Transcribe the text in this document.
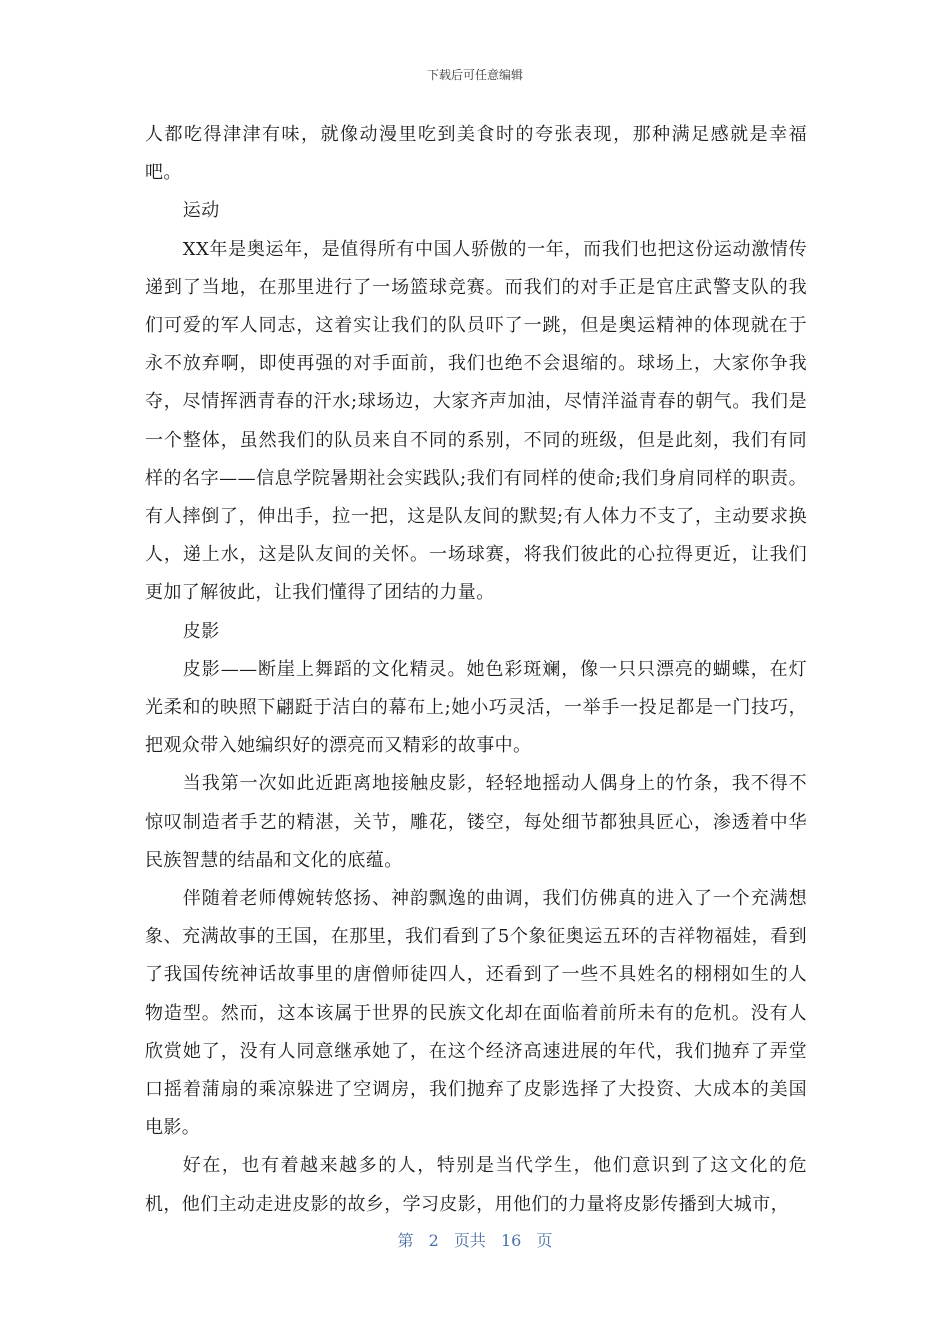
下载后可任意编辑

人都吃得津津有味，就像动漫里吃到美食时的夸张表现，那种满足感就是幸福吧。

运动

XX年是奥运年，是值得所有中国人骄傲的一年，而我们也把这份运动激情传递到了当地，在那里进行了一场篮球竞赛。而我们的对手正是官庄武警支队的我们可爱的军人同志，这着实让我们的队员吓了一跳，但是奥运精神的体现就在于永不放弃啊，即使再强的对手面前，我们也绝不会退缩的。球场上，大家你争我夺，尽情挥洒青春的汗水;球场边，大家齐声加油，尽情洋溢青春的朝气。我们是一个整体，虽然我们的队员来自不同的系别，不同的班级，但是此刻，我们有同样的名字——信息学院暑期社会实践队;我们有同样的使命;我们身肩同样的职责。有人摔倒了，伸出手，拉一把，这是队友间的默契;有人体力不支了，主动要求换人，递上水，这是队友间的关怀。一场球赛，将我们彼此的心拉得更近，让我们更加了解彼此，让我们懂得了团结的力量。

皮影

皮影——断崖上舞蹈的文化精灵。她色彩斑斓，像一只只漂亮的蝴蝶，在灯光柔和的映照下翩跹于洁白的幕布上;她小巧灵活，一举手一投足都是一门技巧，把观众带入她编织好的漂亮而又精彩的故事中。

当我第一次如此近距离地接触皮影，轻轻地摇动人偶身上的竹条，我不得不惊叹制造者手艺的精湛，关节，雕花，镂空，每处细节都独具匠心，渗透着中华民族智慧的结晶和文化的底蕴。

伴随着老师傅婉转悠扬、神韵飘逸的曲调，我们仿佛真的进入了一个充满想象、充满故事的王国，在那里，我们看到了5个象征奥运五环的吉祥物福娃，看到了我国传统神话故事里的唐僧师徒四人，还看到了一些不具姓名的栩栩如生的人物造型。然而，这本该属于世界的民族文化却在面临着前所未有的危机。没有人欣赏她了，没有人同意继承她了，在这个经济高速进展的年代，我们抛弃了弄堂口摇着蒲扇的乘凉躲进了空调房，我们抛弃了皮影选择了大投资、大成本的美国电影。

好在，也有着越来越多的人，特别是当代学生，他们意识到了这文化的危机，他们主动走进皮影的故乡，学习皮影，用他们的力量将皮影传播到大城市，

第 2 页共 16 页
